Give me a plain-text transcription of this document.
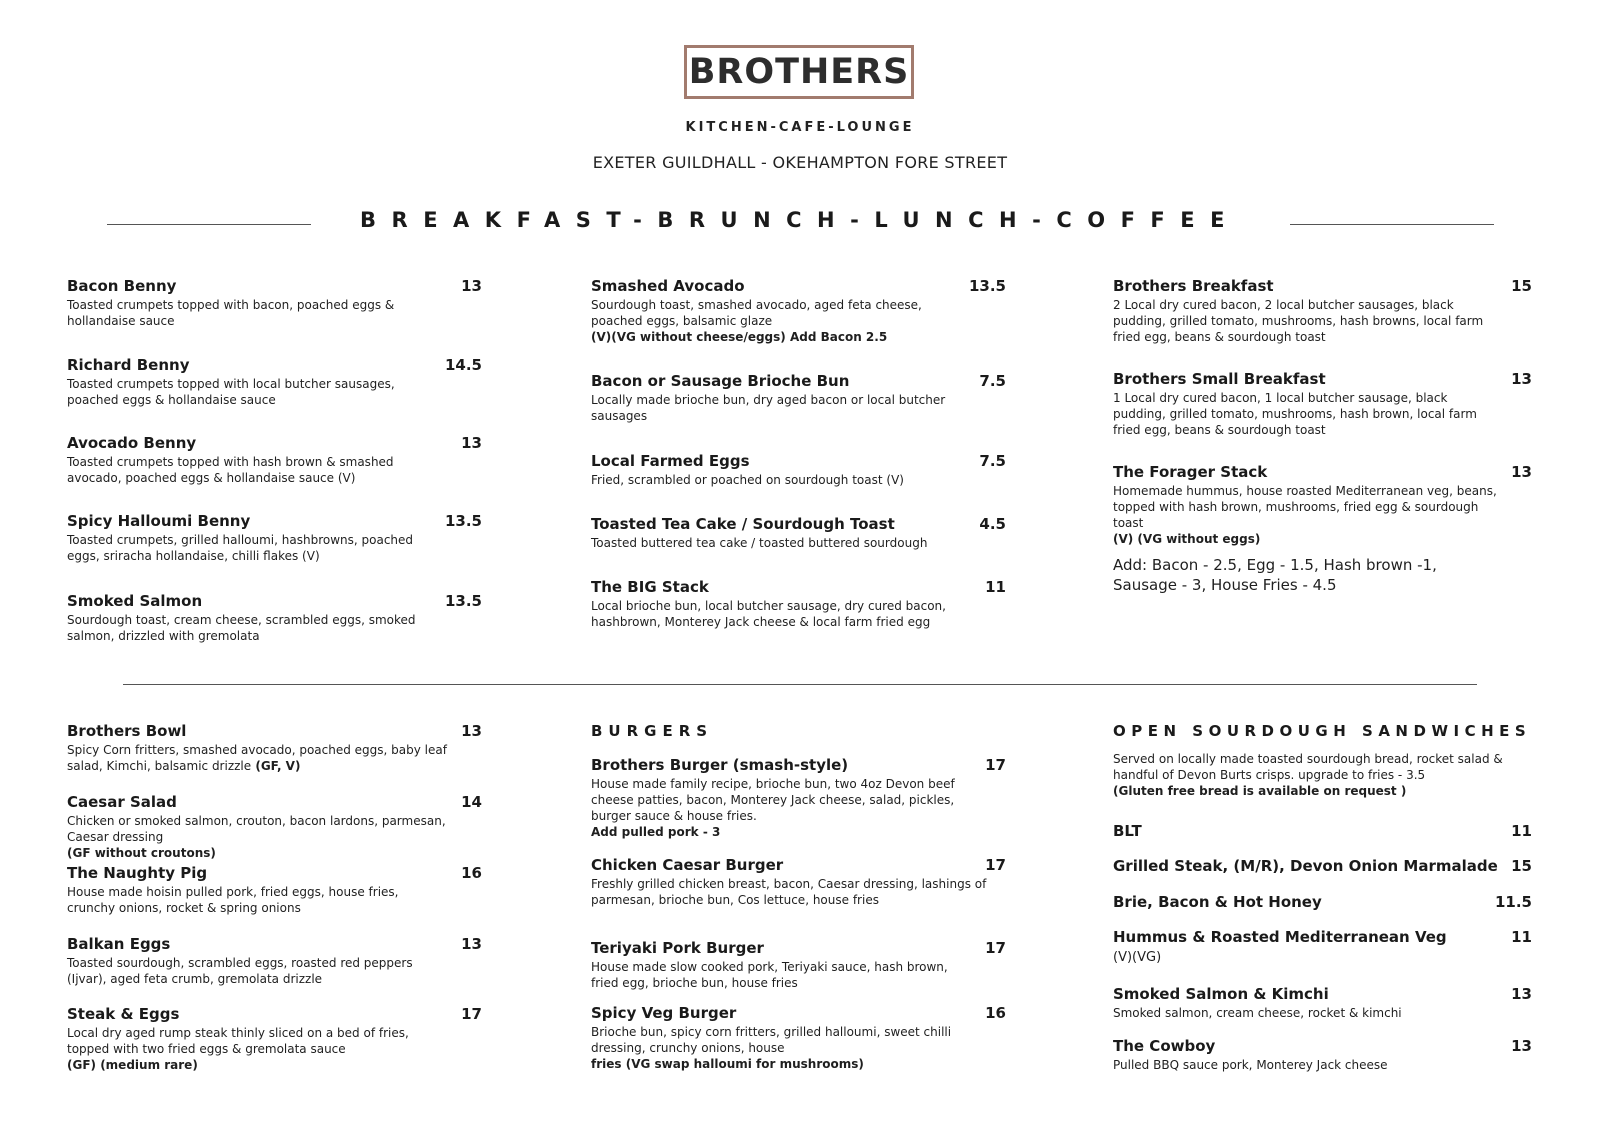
BROTHERS
KITCHEN-CAFE-LOUNGE
EXETER GUILDHALL - OKEHAMPTON FORE STREET
BREAKFAST-BRUNCH-LUNCH-COFFEE
Bacon Benny
Toasted crumpets topped with bacon, poached eggs & hollandaise sauce
13
Richard Benny
Toasted crumpets topped with local butcher sausages, poached eggs & hollandaise sauce
14.5
Avocado Benny
Toasted crumpets topped with hash brown & smashed avocado, poached eggs & hollandaise sauce (V)
13
Spicy Halloumi Benny
Toasted crumpets, grilled halloumi, hashbrowns, poached eggs, sriracha hollandaise, chilli flakes (V)
13.5
Smoked Salmon
Sourdough toast, cream cheese, scrambled eggs, smoked salmon, drizzled with gremolata
13.5
Smashed Avocado
Sourdough toast, smashed avocado, aged feta cheese, poached eggs, balsamic glaze
(V)(VG without cheese/eggs) Add Bacon 2.5
13.5
Bacon or Sausage Brioche Bun
Locally made brioche bun, dry aged bacon or local butcher sausages
7.5
Local Farmed Eggs
Fried, scrambled or poached on sourdough toast (V)
7.5
Toasted Tea Cake / Sourdough Toast
Toasted buttered tea cake / toasted buttered sourdough
4.5
The BIG Stack
Local brioche bun, local butcher sausage, dry cured bacon, hashbrown, Monterey Jack cheese & local farm fried egg
11
Brothers Breakfast
2 Local dry cured bacon, 2 local butcher sausages, black pudding, grilled tomato, mushrooms, hash browns, local farm fried egg, beans & sourdough toast
15
Brothers Small Breakfast
1 Local dry cured bacon, 1 local butcher sausage, black pudding, grilled tomato, mushrooms, hash brown, local farm fried egg, beans & sourdough toast
13
The Forager Stack
Homemade hummus, house roasted Mediterranean veg, beans, topped with hash brown, mushrooms, fried egg & sourdough toast
(V) (VG without eggs)
13
Add: Bacon - 2.5, Egg - 1.5, Hash brown -1,
Sausage - 3, House Fries - 4.5
Brothers Bowl
Spicy Corn fritters, smashed avocado, poached eggs, baby leaf salad, Kimchi, balsamic drizzle (GF, V)
13
Caesar Salad
Chicken or smoked salmon, crouton, bacon lardons, parmesan, Caesar dressing
(GF without croutons)
14
The Naughty Pig
House made hoisin pulled pork, fried eggs, house fries, crunchy onions, rocket & spring onions
16
Balkan Eggs
Toasted sourdough, scrambled eggs, roasted red peppers (Ijvar), aged feta crumb, gremolata drizzle
13
Steak & Eggs
Local dry aged rump steak thinly sliced on a bed of fries, topped with two fried eggs & gremolata sauce
(GF) (medium rare)
17
BURGERS
Brothers Burger (smash-style)
House made family recipe, brioche bun, two 4oz Devon beef cheese patties, bacon, Monterey Jack cheese, salad, pickles, burger sauce & house fries.
Add pulled pork - 3
17
Chicken Caesar Burger
Freshly grilled chicken breast, bacon, Caesar dressing, lashings of parmesan, brioche bun, Cos lettuce, house fries
17
Teriyaki Pork Burger
House made slow cooked pork, Teriyaki sauce, hash brown, fried egg, brioche bun, house fries
17
Spicy Veg Burger
Brioche bun, spicy corn fritters, grilled halloumi, sweet chilli dressing, crunchy onions, house
fries (VG swap halloumi for mushrooms)
16
OPEN SOURDOUGH SANDWICHES
Served on locally made toasted sourdough bread, rocket salad & handful of Devon Burts crisps. upgrade to fries - 3.5
(Gluten free bread is available on request )
BLT	11
Grilled Steak, (M/R), Devon Onion Marmalade 15
Brie, Bacon & Hot Honey	11.5
Hummus & Roasted Mediterranean Veg
(V)(VG)
11
Smoked Salmon & Kimchi
Smoked salmon, cream cheese, rocket & kimchi
13
The Cowboy
Pulled BBQ sauce pork, Monterey Jack cheese
13
